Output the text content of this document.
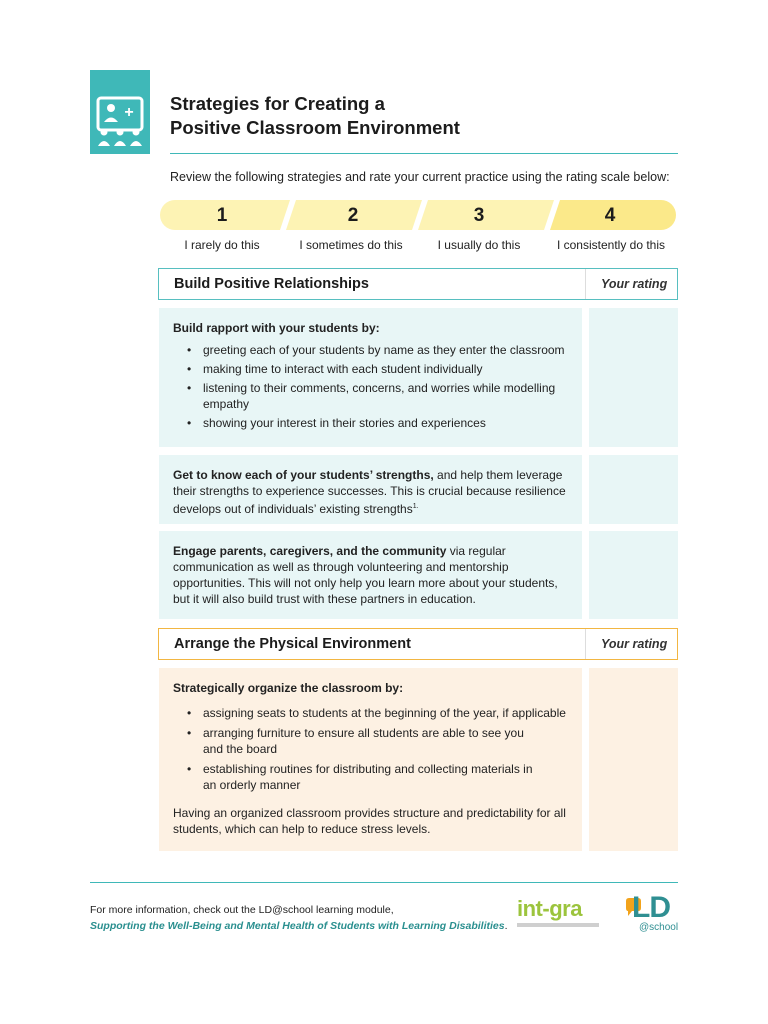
+ Strategies for Creating a
Positive Classroom Environment
Review the following strategies and rate your current practice using the rating scale below:
1	2	3	4
I rarely do this	I sometimes do this	I usually do this	I consistently do this
Build Positive Relationships	Your rating

Build rapport with your students by:

• greeting each of your students by name as they enter the classroom
• making time to interact with each student individually
• listening to their comments, concerns, and worries while modelling empathy
• showing your interest in their stories and experiences

Get to know each of your students’ strengths, and help them leverage their strengths to experience successes. This is crucial because resilience develops out of individuals’ existing strengths$^{1.}$

Engage parents, caregivers, and the community via regular communication as well as through volunteering and mentorship opportunities. This will not only help you learn more about your students, but it will also build trust with these partners in education.

Arrange the Physical Environment	Your rating

Strategically organize the classroom by:

• assigning seats to students at the beginning of the year, if applicable
• arranging furniture to ensure all students are able to see you and the board
• establishing routines for distributing and collecting materials in an orderly manner

Having an organized classroom provides structure and predictability for all students, which can help to reduce stress levels.

For more information, check out the LD@school learning module,
Supporting the Well-Being and Mental Health of Students with Learning Disabilities.
int-gra LD
@school
